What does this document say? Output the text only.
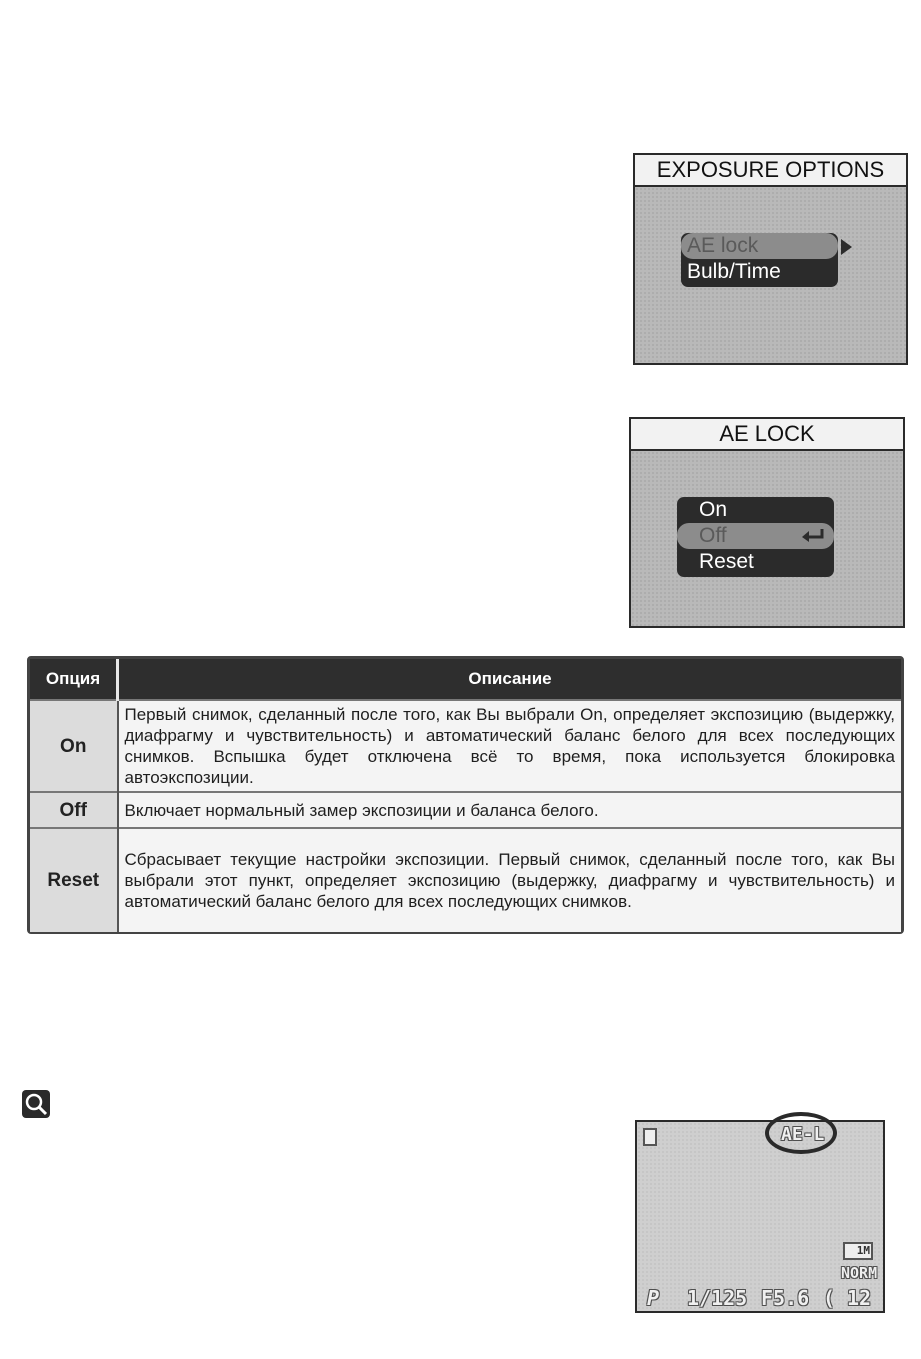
EXPOSURE OPTIONS
AE lock
Bulb/Time
AE LOCK
On
Off
Reset
Опция	Описание
On	Первый снимок, сделанный после того, как Вы выбрали On, определяет экспозицию (выдержку, диафрагму и чувствительность) и автоматический баланс белого для всех последующих снимков. Вспышка будет отключена всё то время, пока используется блокировка автоэкспозиции.
Off	Включает нормальный замер экспозиции и баланса белого.
Reset	Сбрасывает текущие настройки экспозиции. Первый снимок, сделанный после того, как Вы выбрали этот пункт, определяет экспозицию (выдержку, диафрагму и чувствительность) и автоматический баланс белого для всех последующих снимков.
AE-L
1M
NORM
P 1/125 F5.6 ( 12
